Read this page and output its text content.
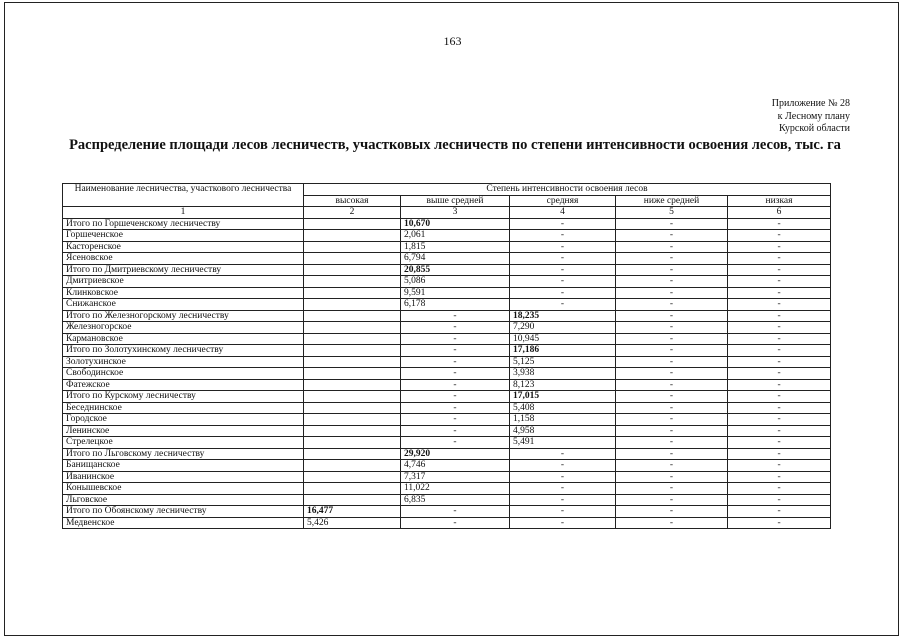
163
Приложение № 28
к Лесному плану
Курской области
Распределение площади лесов лесничеств, участковых лесничеств по степени интенсивности освоения лесов, тыс. га
Наименование лесничества, участкового лесничества	Степень интенсивности освоения лесов				
	высокая	выше средней	средняя	ниже средней	низкая
1	2	3	4	5	6
Итого по Горшеченскому лесничеству		10,670	-	-	-
Горшеченское		2,061	-	-	-
Касторенское		1,815	-	-	-
Ясеновское		6,794	-	-	-
Итого по Дмитриевскому лесничеству		20,855	-	-	-
Дмитриевское		5,086	-	-	-
Клинковское		9,591	-	-	-
Снижанское		6,178	-	-	-
Итого по Железногорскому лесничеству		-	18,235	-	-
Железногорское		-	7,290	-	-
Кармановское		-	10,945	-	-
Итого по Золотухинскому лесничеству		-	17,186	-	-
Золотухинское		-	5,125	-	-
Свободинское		-	3,938	-	-
Фатежское		-	8,123	-	-
Итого по Курскому лесничеству		-	17,015	-	-
Беседнинское		-	5,408	-	-
Городское		-	1,158	-	-
Ленинское		-	4,958	-	-
Стрелецкое		-	5,491	-	-
Итого по Льговскому лесничеству		29,920	-	-	-
Банищанское		4,746	-	-	-
Иванинское		7,317	-	-	-
Конышевское		11,022	-	-	-
Льговское		6,835	-	-	-
Итого по Обоянскому лесничеству	16,477	-	-	-	-
Медвенское	5,426	-	-	-	-
